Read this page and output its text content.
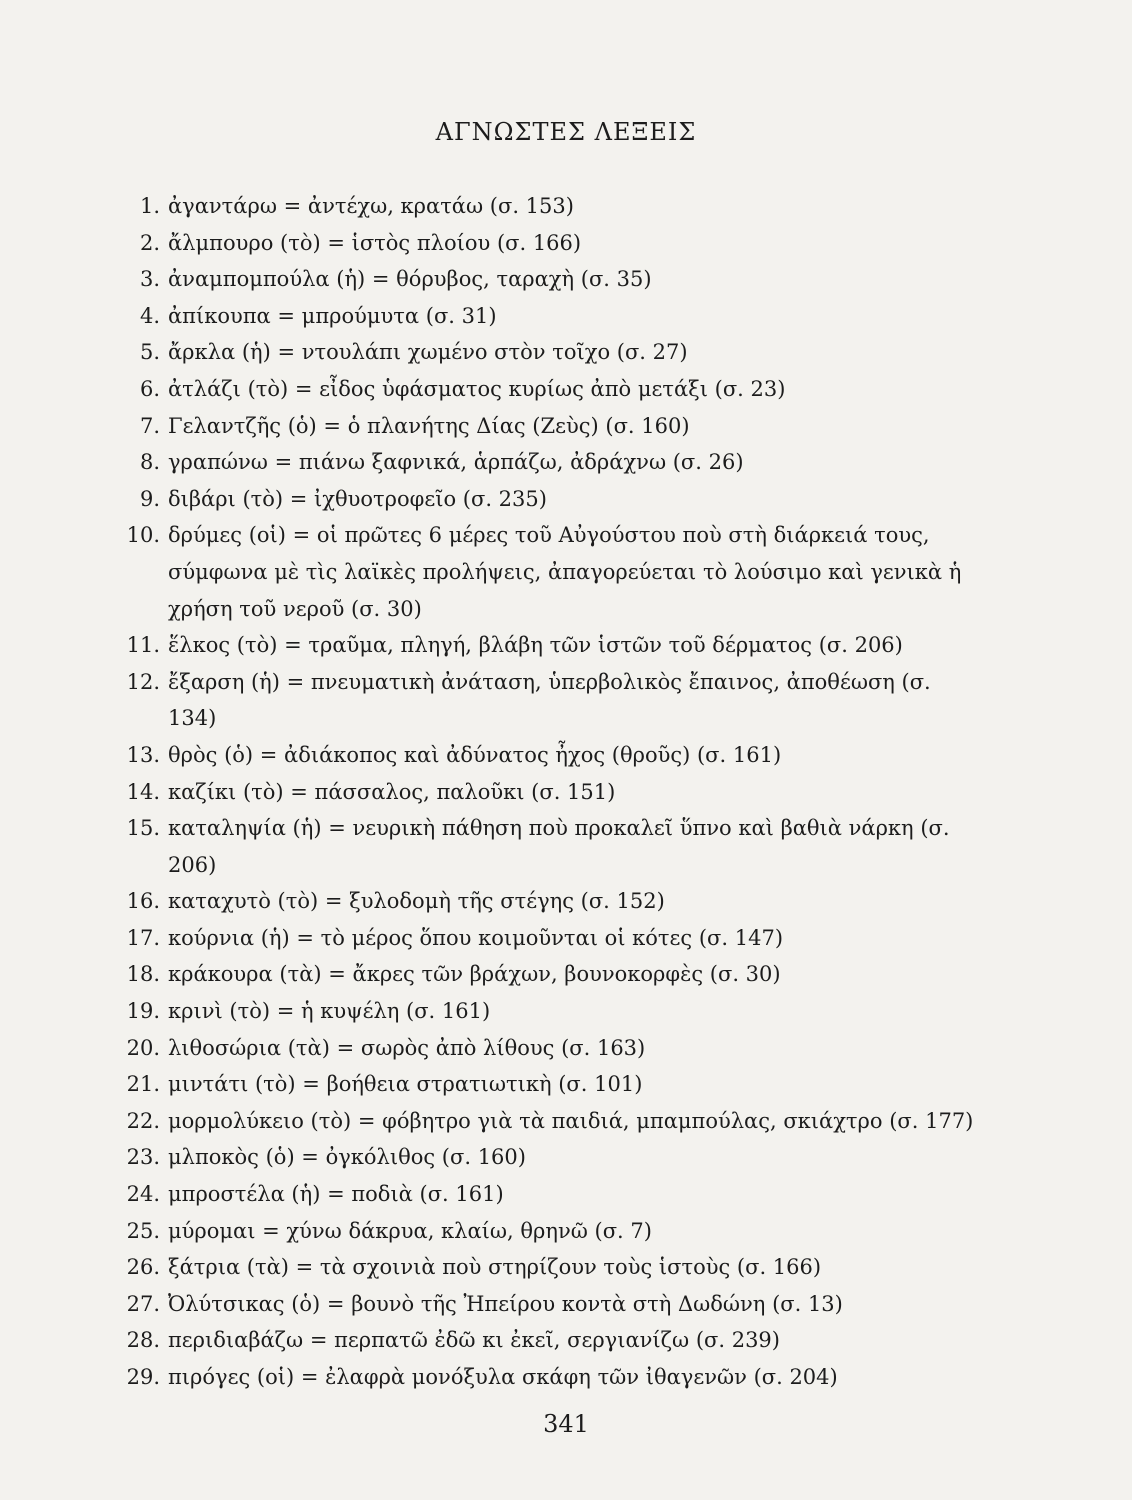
ΑΓΝΩΣΤΕΣ ΛΕΞΕΙΣ
1. ἀγαντάρω = ἀντέχω, κρατάω (σ. 153)
2. ἄλμπουρο (τὸ) = ἱστὸς πλοίου (σ. 166)
3. ἀναμπομπούλα (ἡ) = θόρυβος, ταραχὴ (σ. 35)
4. ἀπίκουπα = μπρούμυτα (σ. 31)
5. ἄρκλα (ἡ) = ντουλάπι χωμένο στὸν τοῖχο (σ. 27)
6. ἀτλάζι (τὸ) = εἶδος ὑφάσματος κυρίως ἀπὸ μετάξι (σ. 23)
7. Γελαντζῆς (ὁ) = ὁ πλανήτης Δίας (Ζεὺς) (σ. 160)
8. γραπώνω = πιάνω ξαφνικά, ἁρπάζω, ἀδράχνω (σ. 26)
9. διβάρι (τὸ) = ἰχθυοτροφεῖο (σ. 235)
10. δρύμες (οἱ) = οἱ πρῶτες 6 μέρες τοῦ Αὐγούστου ποὺ στὴ διάρκειά τους, σύμφωνα μὲ τὶς λαϊκὲς προλήψεις, ἀπαγορεύεται τὸ λούσιμο καὶ γενικὰ ἡ χρήση τοῦ νεροῦ (σ. 30)
11. ἕλκος (τὸ) = τραῦμα, πληγή, βλάβη τῶν ἱστῶν τοῦ δέρματος (σ. 206)
12. ἔξαρση (ἡ) = πνευματικὴ ἀνάταση, ὑπερβολικὸς ἔπαινος, ἀποθέωση (σ. 134)
13. θρὸς (ὁ) = ἀδιάκοπος καὶ ἀδύνατος ἦχος (θροῦς) (σ. 161)
14. καζίκι (τὸ) = πάσσαλος, παλοῦκι (σ. 151)
15. καταληψία (ἡ) = νευρικὴ πάθηση ποὺ προκαλεῖ ὕπνο καὶ βαθιὰ νάρκη (σ. 206)
16. καταχυτὸ (τὸ) = ξυλοδομὴ τῆς στέγης (σ. 152)
17. κούρνια (ἡ) = τὸ μέρος ὅπου κοιμοῦνται οἱ κότες (σ. 147)
18. κράκουρα (τὰ) = ἄκρες τῶν βράχων, βουνοκορφὲς (σ. 30)
19. κρινὶ (τὸ) = ἡ κυψέλη (σ. 161)
20. λιθοσώρια (τὰ) = σωρὸς ἀπὸ λίθους (σ. 163)
21. μιντάτι (τὸ) = βοήθεια στρατιωτικὴ (σ. 101)
22. μορμολύκειο (τὸ) = φόβητρο γιὰ τὰ παιδιά, μπαμπούλας, σκιάχτρο (σ. 177)
23. μλποκὸς (ὁ) = ὀγκόλιθος (σ. 160)
24. μπροστέλα (ἡ) = ποδιὰ (σ. 161)
25. μύρομαι = χύνω δάκρυα, κλαίω, θρηνῶ (σ. 7)
26. ξάτρια (τὰ) = τὰ σχοινιὰ ποὺ στηρίζουν τοὺς ἱστοὺς (σ. 166)
27. Ὀλύτσικας (ὁ) = βουνὸ τῆς Ἠπείρου κοντὰ στὴ Δωδώνη (σ. 13)
28. περιδιαβάζω = περπατῶ ἐδῶ κι ἐκεῖ, σεργιανίζω (σ. 239)
29. πιρόγες (οἱ) = ἐλαφρὰ μονόξυλα σκάφη τῶν ἰθαγενῶν (σ. 204)
341
